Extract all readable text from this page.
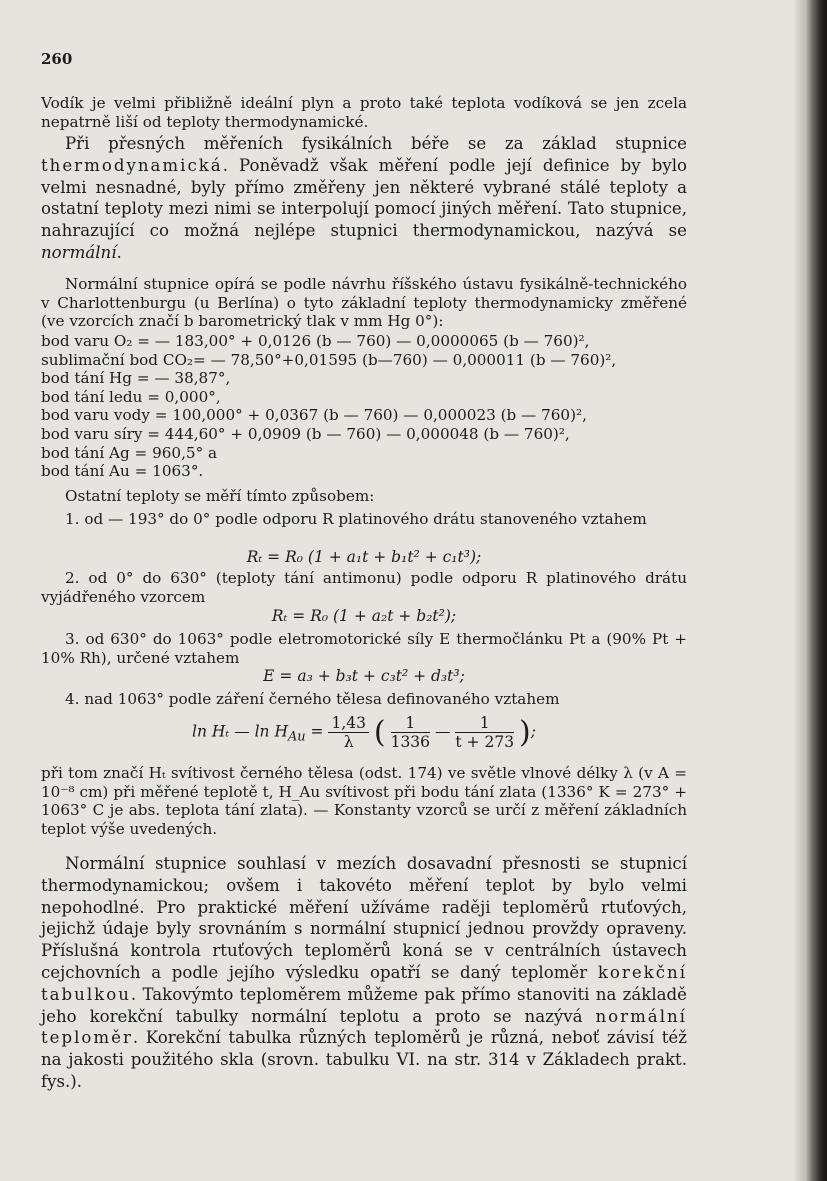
260

Vodík je velmi přibližně ideální plyn a proto také teplota vodíková se jen zcela nepatrně liší od teploty thermodynamické.

Při přesných měřeních fysikálních béře se za základ stupnice thermodynamická. Poněvadž však měření podle její definice by bylo velmi nesnadné, byly přímo změřeny jen některé vybrané stálé teploty a ostatní teploty mezi nimi se interpolují pomocí jiných měření. Tato stupnice, nahrazující co možná nejlépe stupnici thermodynamickou, nazývá se normální.

Normální stupnice opírá se podle návrhu říšského ústavu fysikálně-technického v Charlottenburgu (u Berlína) o tyto základní teploty thermodynamicky změřené (ve vzorcích značí b barometrický tlak v mm Hg 0°):

bod varu O₂ = — 183,00° + 0,0126 (b — 760) — 0,0000065 (b — 760)²,
sublimační bod CO₂= — 78,50°+0,01595 (b—760) — 0,000011 (b — 760)²,
bod tání Hg = — 38,87°,
bod tání ledu = 0,000°,
bod varu vody = 100,000° + 0,0367 (b — 760) — 0,000023 (b — 760)²,
bod varu síry = 444,60° + 0,0909 (b — 760) — 0,000048 (b — 760)²,
bod tání Ag = 960,5° a
bod tání Au = 1063°.

Ostatní teploty se měří tímto způsobem:

1. od — 193° do 0° podle odporu R platinového drátu stanoveného vztahem

Rₜ = R₀ (1 + a₁t + b₁t² + c₁t³);

2. od 0° do 630° (teploty tání antimonu) podle odporu R platinového drátu vyjádřeného vzorcem

Rₜ = R₀ (1 + a₂t + b₂t²);

3. od 630° do 1063° podle eletromotorické síly E thermočlánku Pt a (90% Pt + 10% Rh), určené vztahem

E = a₃ + b₃t + c₃t² + d₃t³;

4. nad 1063° podle záření černého tělesa definovaného vztahem

ln Hₜ — $\ln H_{Au} = \frac{1,43}{\lambda}$ ( $\frac{1}{1336}$ — $\frac{1}{t + 273}$ );

při tom značí Hₜ svítivost černého tělesa (odst. 174) ve světle vlnové délky λ (v A = 10⁻⁸ cm) při měřené teplotě t, H_Au svítivost při bodu tání zlata (1336° K = 273° + 1063° C je abs. teplota tání zlata). — Konstanty vzorců se určí z měření základních teplot výše uvedených.

Normální stupnice souhlasí v mezích dosavadní přesnosti se stupnicí thermodynamickou; ovšem i takovéto měření teplot by bylo velmi nepohodlné. Pro praktické měření užíváme raději teploměrů rtuťových, jejichž údaje byly srovnáním s normální stupnicí jednou provždy opraveny. Příslušná kontrola rtuťových teploměrů koná se v centrálních ústavech cejchovních a podle jejího výsledku opatří se daný teploměr korekční tabulkou. Takovýmto teploměrem můžeme pak přímo stanoviti na základě jeho korekční tabulky normální teplotu a proto se nazývá normální teploměr. Korekční tabulka různých teploměrů je různá, neboť závisí též na jakosti použitého skla (srovn. tabulku VI. na str. 314 v Základech prakt. fys.).
